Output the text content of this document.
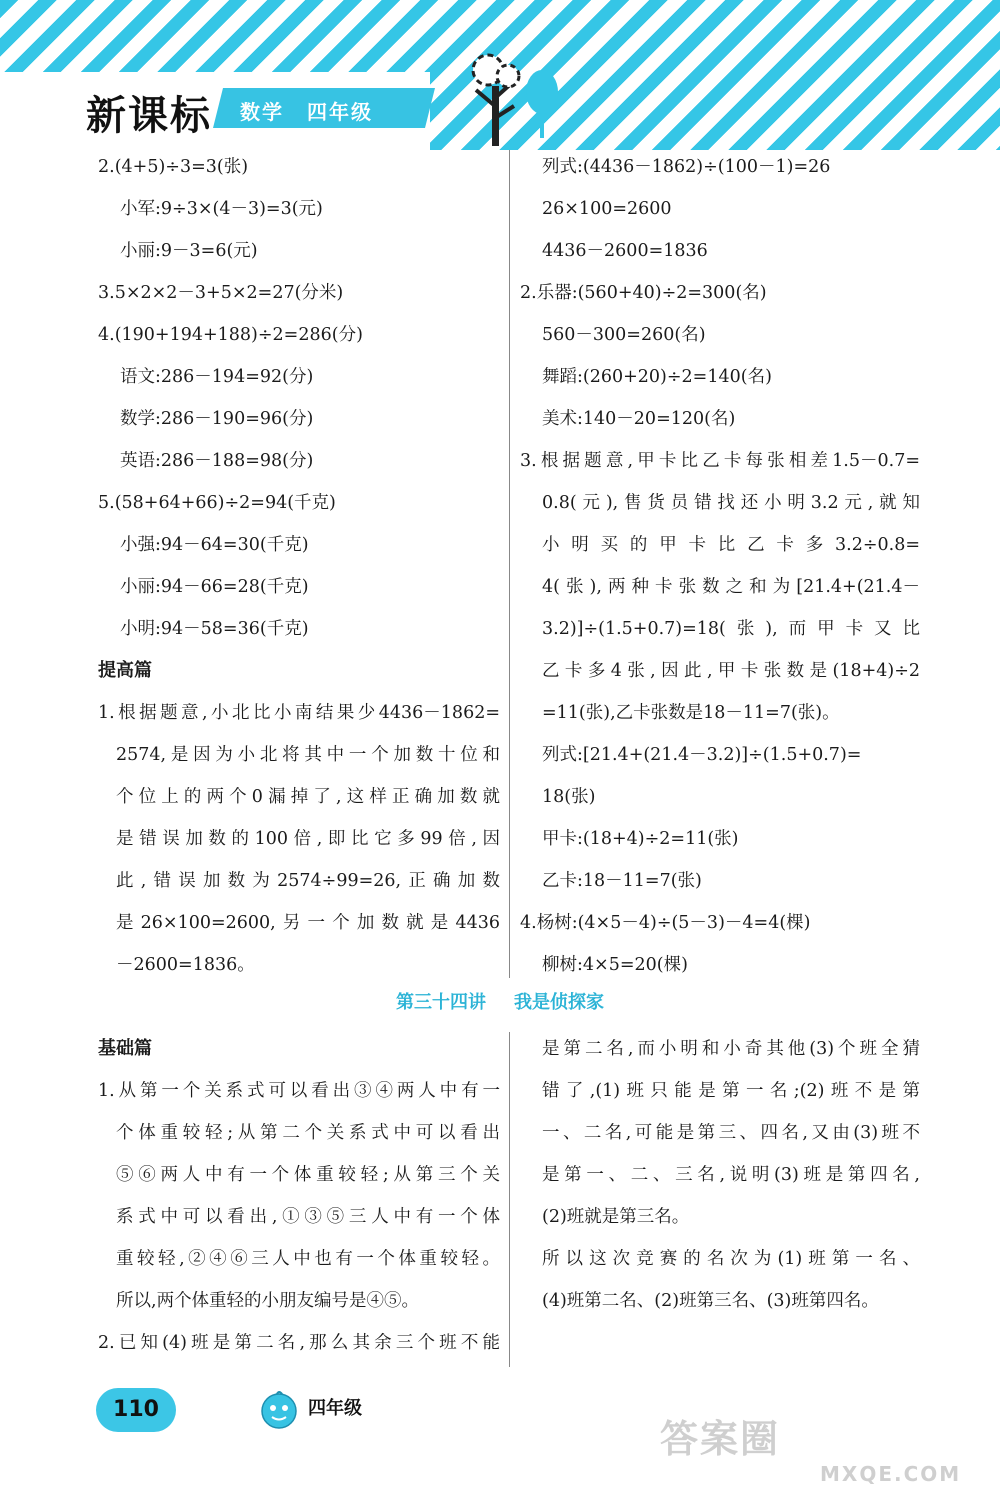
新课标 数学 四年级
2.(4+5)÷3=3(张)
小军:9÷3×(4－3)=3(元)
小丽:9－3=6(元)
3.5×2×2－3+5×2=27(分米)
4.(190+194+188)÷2=286(分)
语文:286－194=92(分)
数学:286－190=96(分)
英语:286－188=98(分)
5.(58+64+66)÷2=94(千克)
小强:94－64=30(千克)
小丽:94－66=28(千克)
小明:94－58=36(千克)
提高篇
1.根据题意,小北比小南结果少4436－1862=
2574,是因为小北将其中一个加数十位和
个位上的两个0漏掉了,这样正确加数就
是错误加数的100倍,即比它多99倍,因
此,错误加数为2574÷99=26,正确加数
是26×100=2600,另一个加数就是4436
－2600=1836。
列式:(4436－1862)÷(100－1)=26
26×100=2600
4436－2600=1836
2.乐器:(560+40)÷2=300(名)
560－300=260(名)
舞蹈:(260+20)÷2=140(名)
美术:140－20=120(名)
3.根据题意,甲卡比乙卡每张相差1.5－0.7=
0.8(元),售货员错找还小明3.2元,就知
小明买的甲卡比乙卡多3.2÷0.8=
4(张),两种卡张数之和为[21.4+(21.4－
3.2)]÷(1.5+0.7)=18(张),而甲卡又比
乙卡多4张,因此,甲卡张数是(18+4)÷2
=11(张),乙卡张数是18－11=7(张)。
列式:[21.4+(21.4－3.2)]÷(1.5+0.7)=
18(张)
甲卡:(18+4)÷2=11(张)
乙卡:18－11=7(张)
4.杨树:(4×5－4)÷(5－3)－4=4(棵)
柳树:4×5=20(棵)
第三十四讲 我是侦探家
基础篇
1.从第一个关系式可以看出③④两人中有一
个体重较轻;从第二个关系式中可以看出
⑤⑥两人中有一个体重较轻;从第三个关
系式中可以看出,①③⑤三人中有一个体
重较轻,②④⑥三人中也有一个体重较轻。
所以,两个体重轻的小朋友编号是④⑤。
2.已知(4)班是第二名,那么其余三个班不能
是第二名,而小明和小奇其他(3)个班全猜
错了,(1)班只能是第一名;(2)班不是第
一、二名,可能是第三、四名,又由(3)班不
是第一、二、三名,说明(3)班是第四名,
(2)班就是第三名。
所以这次竞赛的名次为(1)班第一名、
(4)班第二名、(2)班第三名、(3)班第四名。
110	四年级
答案圈
MXQE.COM
